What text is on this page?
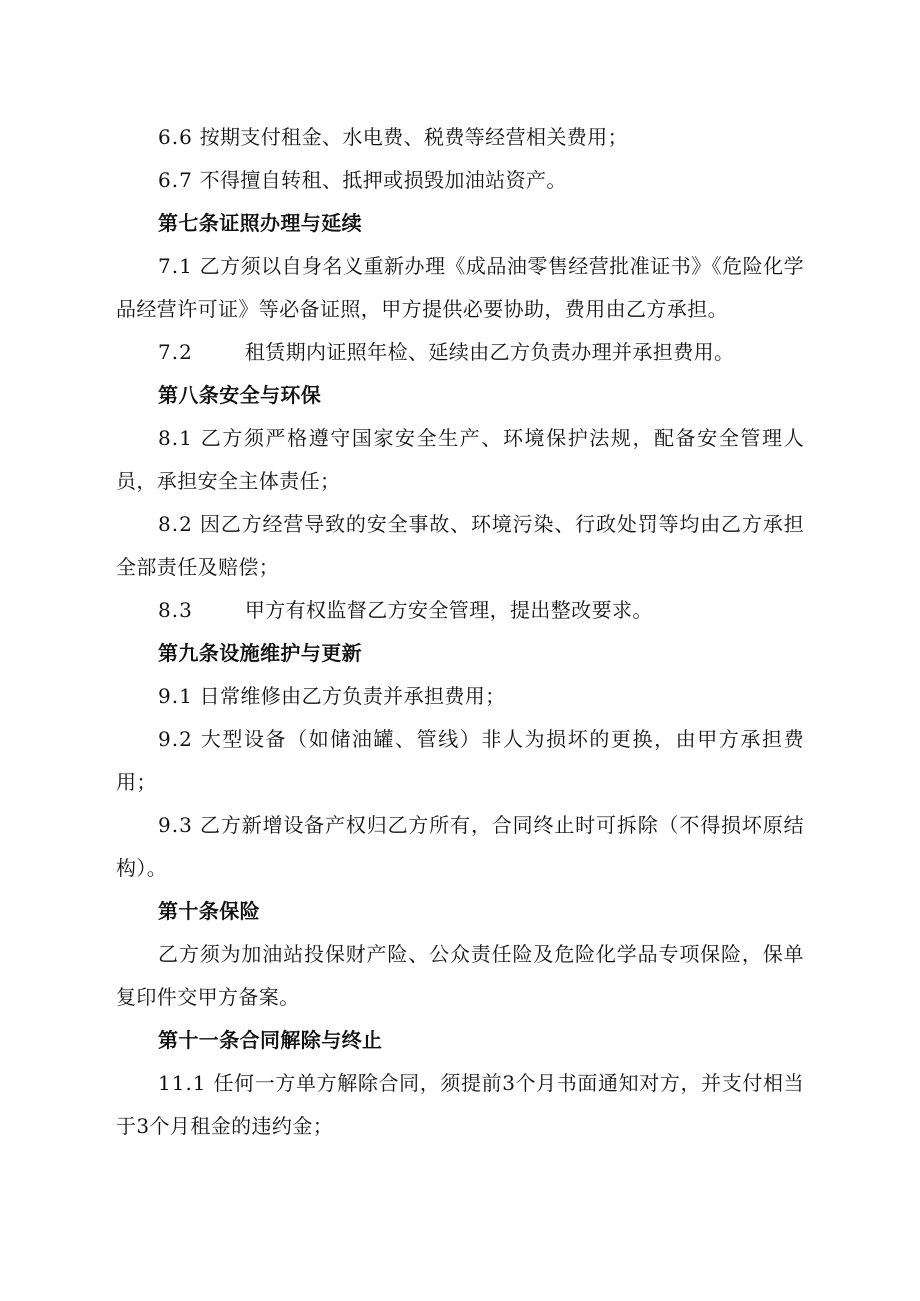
6.6 按期支付租金、水电费、税费等经营相关费用；

6.7 不得擅自转租、抵押或损毁加油站资产。

第七条证照办理与延续

7.1 乙方须以自身名义重新办理《成品油零售经营批准证书》《危险化学品经营许可证》等必备证照，甲方提供必要协助，费用由乙方承担。

7.2	租赁期内证照年检、延续由乙方负责办理并承担费用。

第八条安全与环保

8.1 乙方须严格遵守国家安全生产、环境保护法规，配备安全管理人员，承担安全主体责任；

8.2 因乙方经营导致的安全事故、环境污染、行政处罚等均由乙方承担全部责任及赔偿；

8.3	甲方有权监督乙方安全管理，提出整改要求。

第九条设施维护与更新

9.1 日常维修由乙方负责并承担费用；

9.2 大型设备（如储油罐、管线）非人为损坏的更换，由甲方承担费用；

9.3 乙方新增设备产权归乙方所有，合同终止时可拆除（不得损坏原结构）。

第十条保险

乙方须为加油站投保财产险、公众责任险及危险化学品专项保险，保单复印件交甲方备案。

第十一条合同解除与终止

11.1 任何一方单方解除合同，须提前3个月书面通知对方，并支付相当于3个月租金的违约金；
